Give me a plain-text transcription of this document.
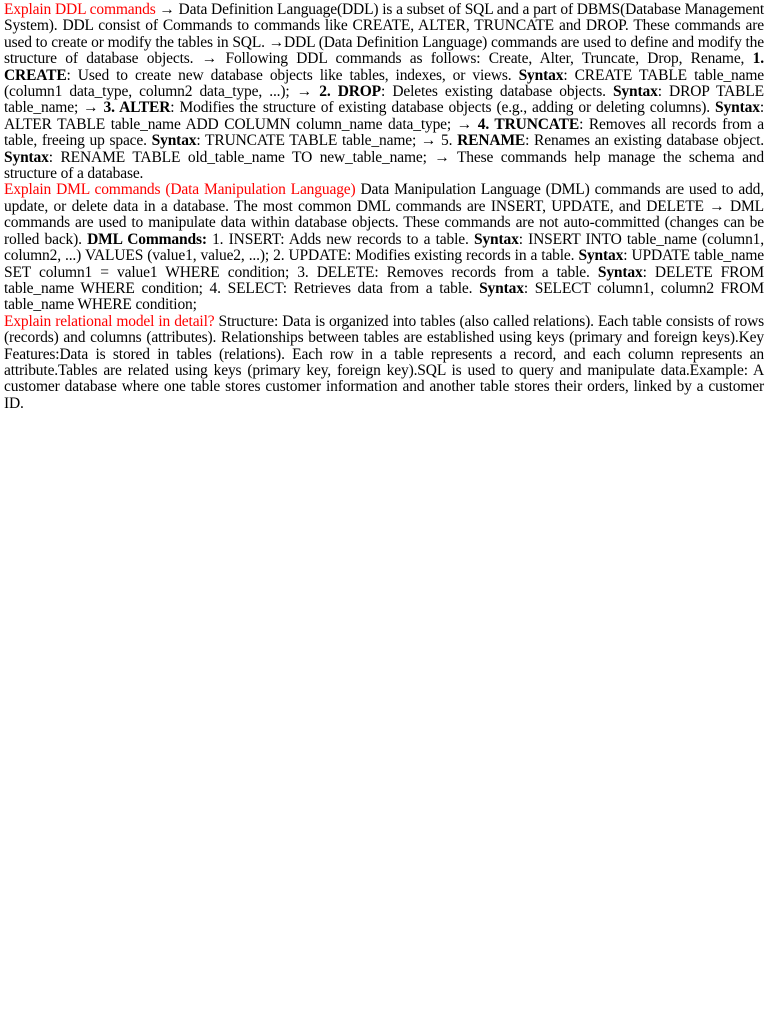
Explain DDL commands → Data Definition Language(DDL) is a subset of SQL and a part of DBMS(Database Management System). DDL consist of Commands to commands like CREATE, ALTER, TRUNCATE and DROP. These commands are used to create or modify the tables in SQL. →DDL (Data Definition Language) commands are used to define and modify the structure of database objects. → Following DDL commands as follows: Create, Alter, Truncate, Drop, Rename, 1. CREATE: Used to create new database objects like tables, indexes, or views. Syntax: CREATE TABLE table_name (column1 data_type, column2 data_type, ...); → 2. DROP: Deletes existing database objects. Syntax: DROP TABLE table_name; → 3. ALTER: Modifies the structure of existing database objects (e.g., adding or deleting columns). Syntax: ALTER TABLE table_name ADD COLUMN column_name data_type; → 4. TRUNCATE: Removes all records from a table, freeing up space. Syntax: TRUNCATE TABLE table_name; → 5. RENAME: Renames an existing database object. Syntax: RENAME TABLE old_table_name TO new_table_name; → These commands help manage the schema and structure of a database.

Explain DML commands (Data Manipulation Language) Data Manipulation Language (DML) commands are used to add, update, or delete data in a database. The most common DML commands are INSERT, UPDATE, and DELETE → DML commands are used to manipulate data within database objects. These commands are not auto-committed (changes can be rolled back). DML Commands: 1. INSERT: Adds new records to a table. Syntax: INSERT INTO table_name (column1, column2, ...) VALUES (value1, value2, ...); 2. UPDATE: Modifies existing records in a table. Syntax: UPDATE table_name SET column1 = value1 WHERE condition; 3. DELETE: Removes records from a table. Syntax: DELETE FROM table_name WHERE condition; 4. SELECT: Retrieves data from a table. Syntax: SELECT column1, column2 FROM table_name WHERE condition;

Explain relational model in detail? Structure: Data is organized into tables (also called relations). Each table consists of rows (records) and columns (attributes). Relationships between tables are established using keys (primary and foreign keys).Key Features:Data is stored in tables (relations). Each row in a table represents a record, and each column represents an attribute.Tables are related using keys (primary key, foreign key).SQL is used to query and manipulate data.Example: A customer database where one table stores customer information and another table stores their orders, linked by a customer ID.
